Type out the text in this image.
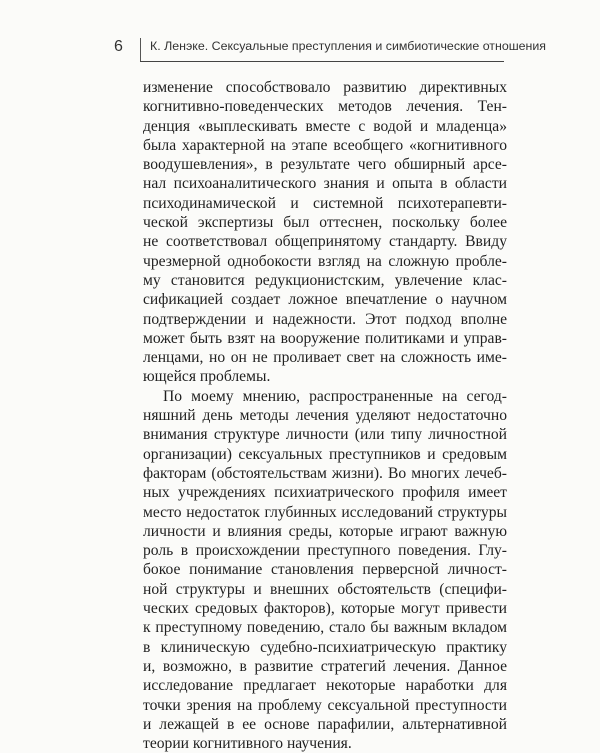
6 К. Ленэке. Сексуальные преступления и симбиотические отношения
изменение способствовало развитию директивных
когнитивно-поведенческих методов лечения. Тен-
денция «выплескивать вместе с водой и младенца»
была характерной на этапе всеобщего «когнитивного
воодушевления», в результате чего обширный арсе-
нал психоаналитического знания и опыта в области
психодинамической и системной психотерапевти-
ческой экспертизы был оттеснен, поскольку более
не соответствовал общепринятому стандарту. Ввиду
чрезмерной однобокости взгляд на сложную пробле-
му становится редукционистским, увлечение клас-
сификацией создает ложное впечатление о научном
подтверждении и надежности. Этот подход вполне
может быть взят на вооружение политиками и управ-
ленцами, но он не проливает свет на сложность име-
ющейся проблемы.
По моему мнению, распространенные на сегод-
няшний день методы лечения уделяют недостаточно
внимания структуре личности (или типу личностной
организации) сексуальных преступников и средовым
факторам (обстоятельствам жизни). Во многих лечеб-
ных учреждениях психиатрического профиля имеет
место недостаток глубинных исследований структуры
личности и влияния среды, которые играют важную
роль в происхождении преступного поведения. Глу-
бокое понимание становления перверсной личност-
ной структуры и внешних обстоятельств (специфи-
ческих средовых факторов), которые могут привести
к преступному поведению, стало бы важным вкладом
в клиническую судебно-психиатрическую практику
и, возможно, в развитие стратегий лечения. Данное
исследование предлагает некоторые наработки для
точки зрения на проблему сексуальной преступности
и лежащей в ее основе парафилии, альтернативной
теории когнитивного научения.
